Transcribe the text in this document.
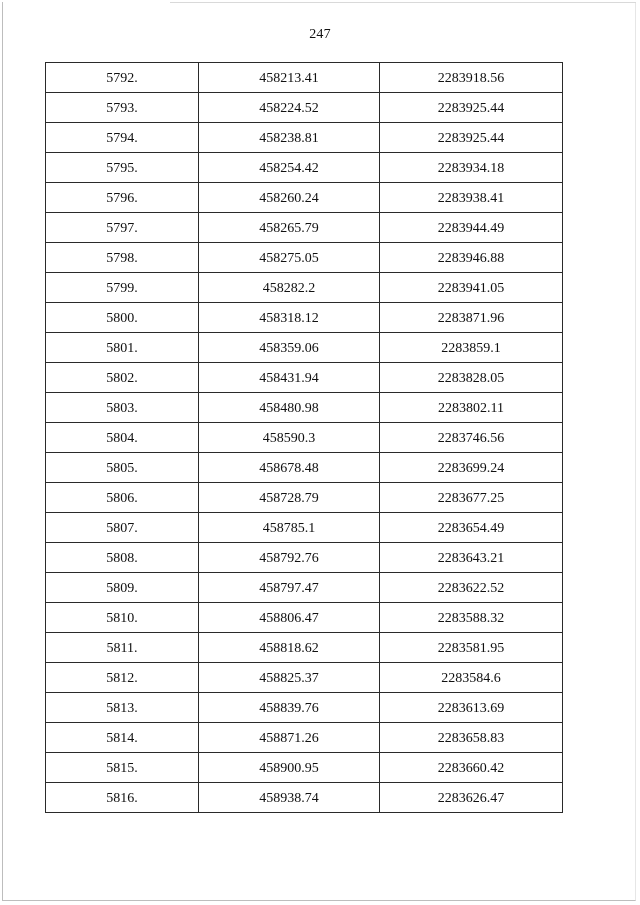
247
5792.	458213.41	2283918.56
5793.	458224.52	2283925.44
5794.	458238.81	2283925.44
5795.	458254.42	2283934.18
5796.	458260.24	2283938.41
5797.	458265.79	2283944.49
5798.	458275.05	2283946.88
5799.	458282.2	2283941.05
5800.	458318.12	2283871.96
5801.	458359.06	2283859.1
5802.	458431.94	2283828.05
5803.	458480.98	2283802.11
5804.	458590.3	2283746.56
5805.	458678.48	2283699.24
5806.	458728.79	2283677.25
5807.	458785.1	2283654.49
5808.	458792.76	2283643.21
5809.	458797.47	2283622.52
5810.	458806.47	2283588.32
5811.	458818.62	2283581.95
5812.	458825.37	2283584.6
5813.	458839.76	2283613.69
5814.	458871.26	2283658.83
5815.	458900.95	2283660.42
5816.	458938.74	2283626.47
